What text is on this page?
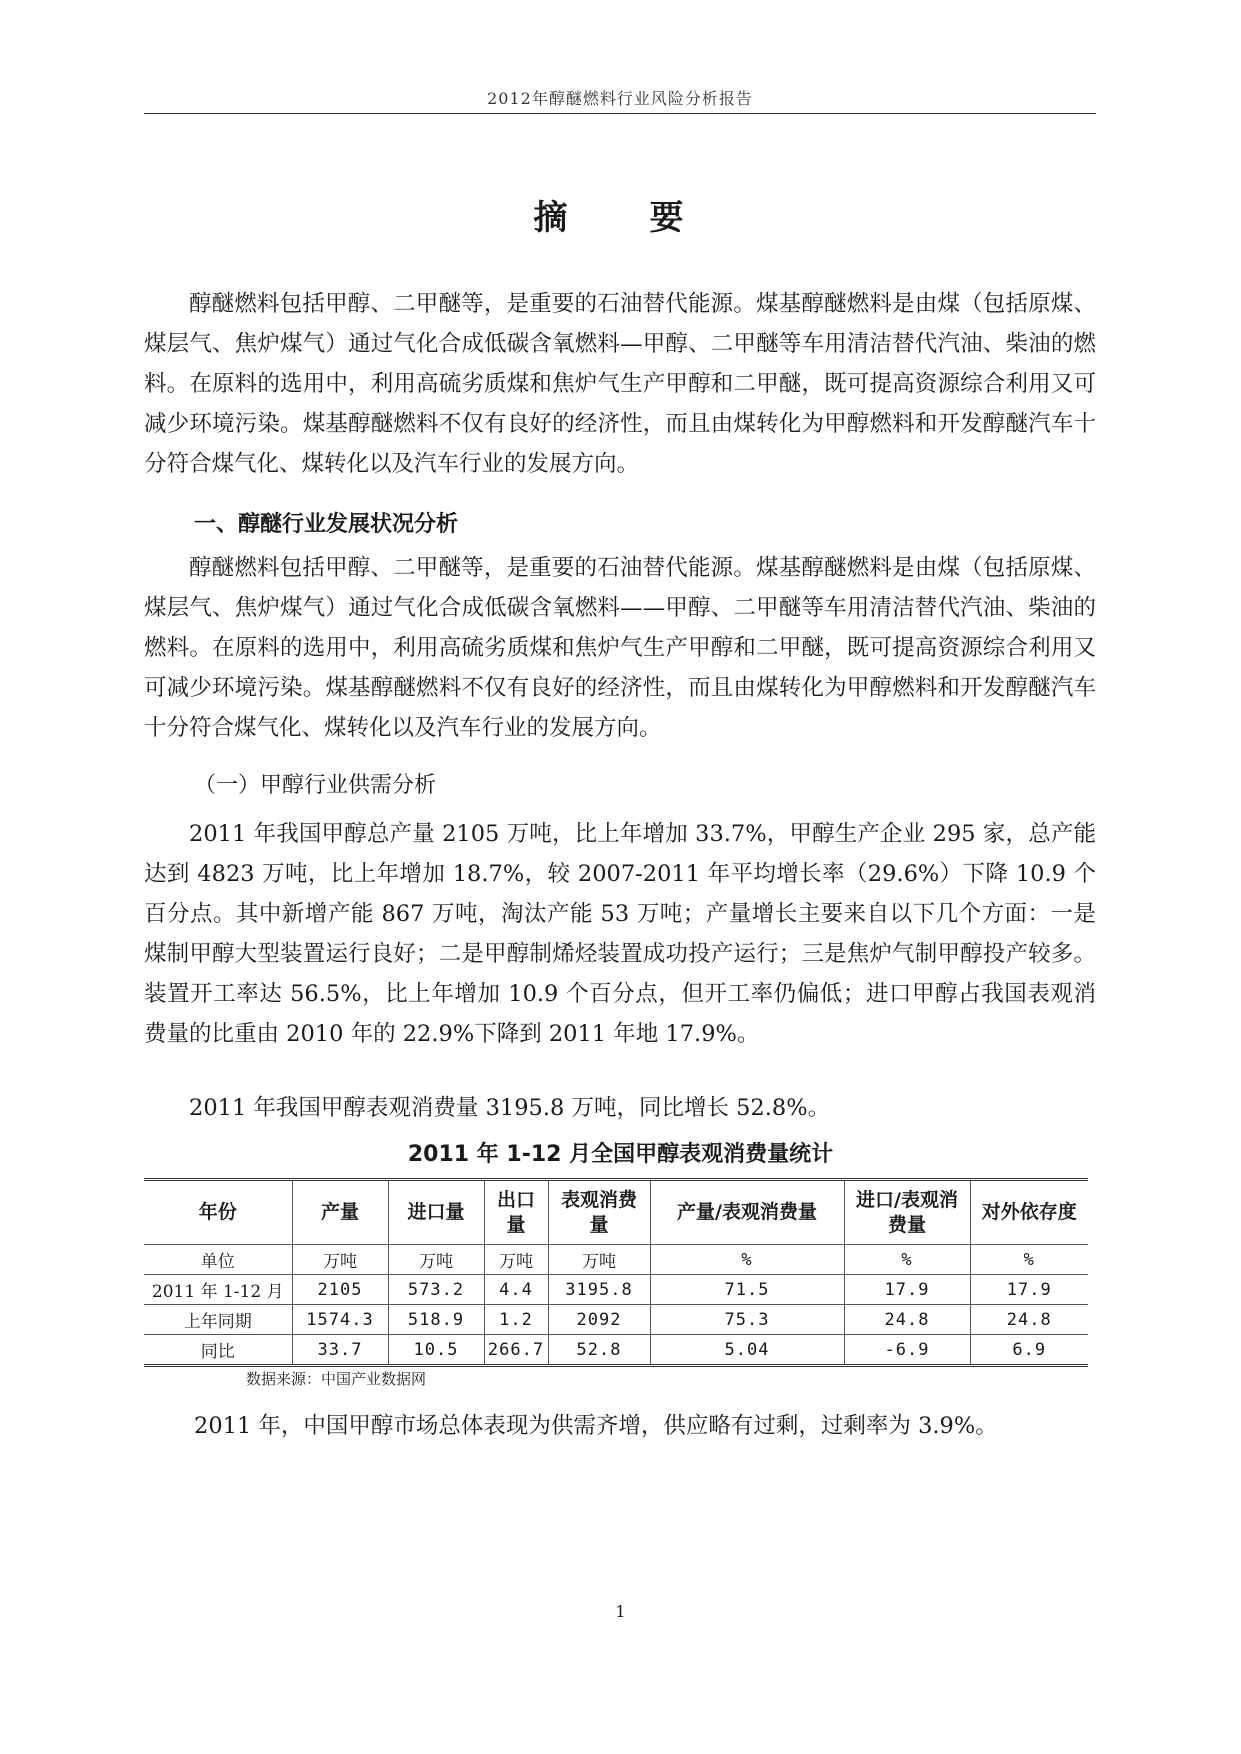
2012年醇醚燃料行业风险分析报告
摘　要

醇醚燃料包括甲醇、二甲醚等，是重要的石油替代能源。煤基醇醚燃料是由煤（包括原煤、煤层气、焦炉煤气）通过气化合成低碳含氧燃料—甲醇、二甲醚等车用清洁替代汽油、柴油的燃料。在原料的选用中，利用高硫劣质煤和焦炉气生产甲醇和二甲醚，既可提高资源综合利用又可减少环境污染。煤基醇醚燃料不仅有良好的经济性，而且由煤转化为甲醇燃料和开发醇醚汽车十分符合煤气化、煤转化以及汽车行业的发展方向。

一、醇醚行业发展状况分析

醇醚燃料包括甲醇、二甲醚等，是重要的石油替代能源。煤基醇醚燃料是由煤（包括原煤、煤层气、焦炉煤气）通过气化合成低碳含氧燃料——甲醇、二甲醚等车用清洁替代汽油、柴油的燃料。在原料的选用中，利用高硫劣质煤和焦炉气生产甲醇和二甲醚，既可提高资源综合利用又可减少环境污染。煤基醇醚燃料不仅有良好的经济性，而且由煤转化为甲醇燃料和开发醇醚汽车十分符合煤气化、煤转化以及汽车行业的发展方向。

（一）甲醇行业供需分析

2011 年我国甲醇总产量 2105 万吨，比上年增加 33.7%，甲醇生产企业 295 家，总产能达到 4823 万吨，比上年增加 18.7%，较 2007-2011 年平均增长率（29.6%）下降 10.9 个百分点。其中新增产能 867 万吨，淘汰产能 53 万吨；产量增长主要来自以下几个方面：一是煤制甲醇大型装置运行良好；二是甲醇制烯烃装置成功投产运行；三是焦炉气制甲醇投产较多。装置开工率达 56.5%，比上年增加 10.9 个百分点，但开工率仍偏低；进口甲醇占我国表观消费量的比重由 2010 年的 22.9%下降到 2011 年地 17.9%。

2011 年我国甲醇表观消费量 3195.8 万吨，同比增长 52.8%。

2011 年 1-12 月全国甲醇表观消费量统计
年份	产量	进口量	出口量	表观消费量	产量/表观消费量	进口/表观消费量	对外依存度
单位	万吨	万吨	万吨	万吨	%	%	%
2011 年 1-12 月	2105	573.2	4.4	3195.8	71.5	17.9	17.9
上年同期	1574.3	518.9	1.2	2092	75.3	24.8	24.8
同比	33.7	10.5	266.7	52.8	5.04	-6.9	6.9
数据来源：中国产业数据网

2011 年，中国甲醇市场总体表现为供需齐增，供应略有过剩，过剩率为 3.9%。

1
